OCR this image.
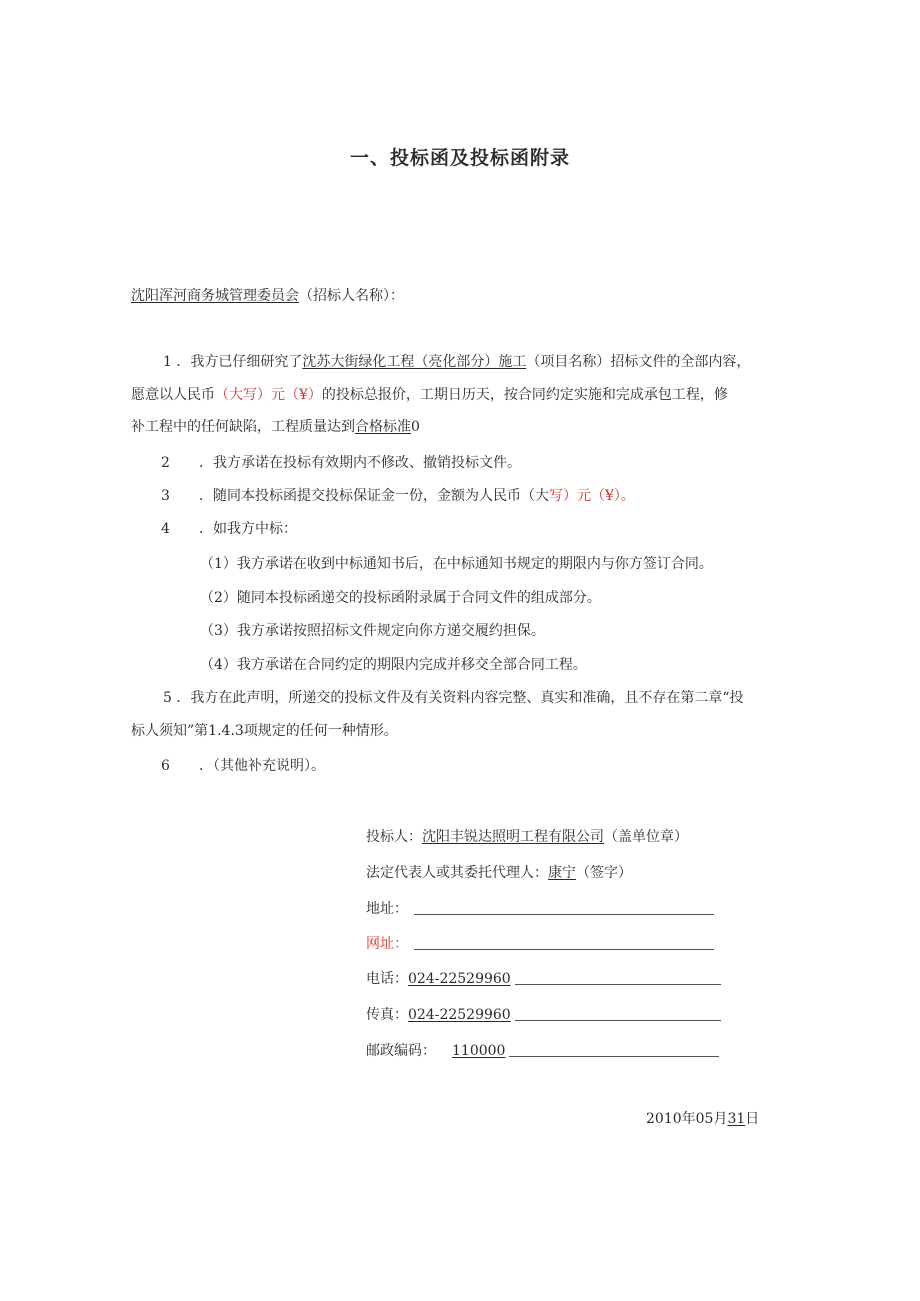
一、投标函及投标函附录
沈阳浑河商务城管理委员会（招标人名称）：
1 ．我方已仔细研究了沈苏大街绿化工程（亮化部分）施工（项目名称）招标文件的全部内容，
愿意以人民币（大写）元（¥）的投标总报价，工期日历天，按合同约定实施和完成承包工程，修
补工程中的任何缺陷，工程质量达到合格标准0
2 ．我方承诺在投标有效期内不修改、撤销投标文件。
3 ．随同本投标函提交投标保证金一份，金额为人民币（大写）元（¥）。
4 ．如我方中标：
（1）我方承诺在收到中标通知书后，在中标通知书规定的期限内与你方签订合同。
（2）随同本投标函递交的投标函附录属于合同文件的组成部分。
（3）我方承诺按照招标文件规定向你方递交履约担保。
（4）我方承诺在合同约定的期限内完成并移交全部合同工程。
5 ．我方在此声明，所递交的投标文件及有关资料内容完整、真实和准确，且不存在第二章“投
标人须知”第1.4.3项规定的任何一种情形。
6 ．（其他补充说明）。
投标人：沈阳丰锐达照明工程有限公司（盖单位章）
法定代表人或其委托代理人：康宁（签字）
地址：
网址：
电话：024-22529960
传真：024-22529960
邮政编码： 110000
2010年05月31日
